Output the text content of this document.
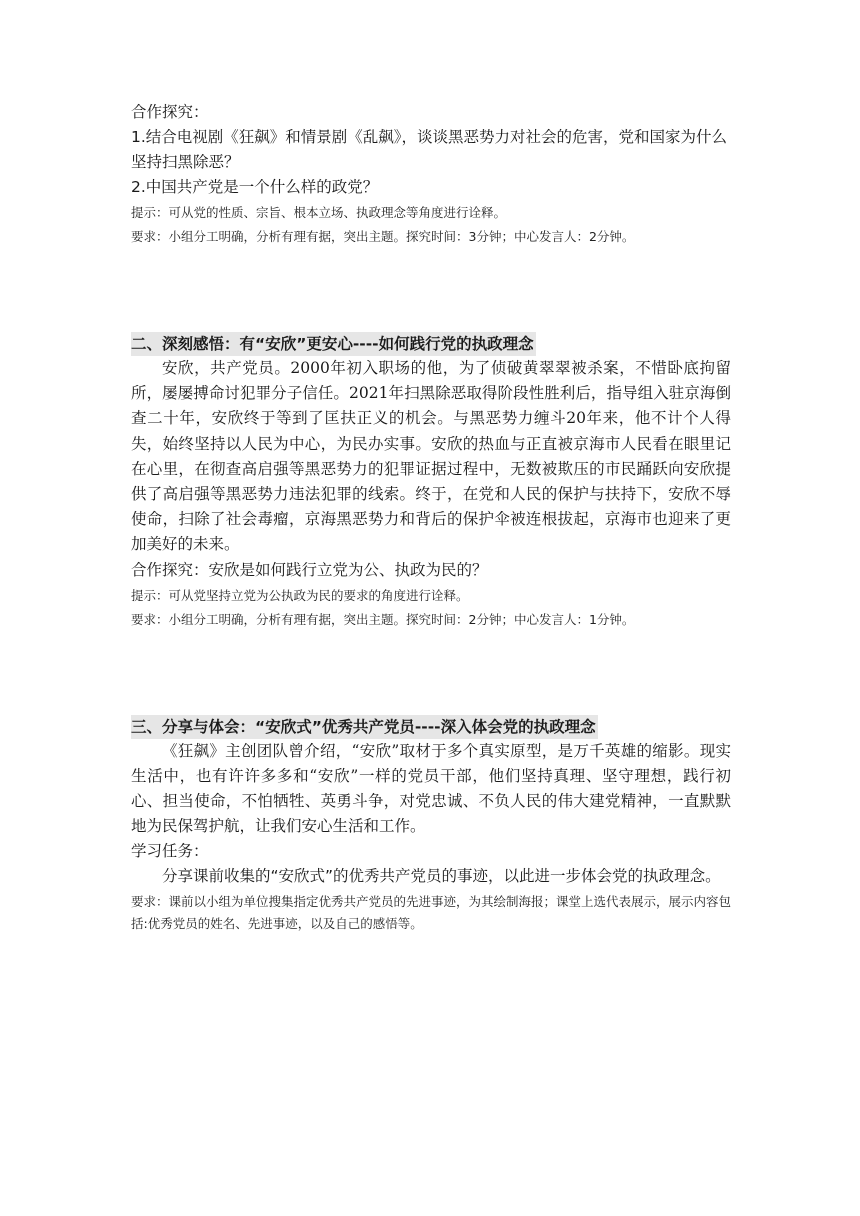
合作探究：

1.结合电视剧《狂飙》和情景剧《乱飙》，谈谈黑恶势力对社会的危害，党和国家为什么坚持扫黑除恶？

2.中国共产党是一个什么样的政党？

提示：可从党的性质、宗旨、根本立场、执政理念等角度进行诠释。

要求：小组分工明确，分析有理有据，突出主题。探究时间：3分钟；中心发言人：2分钟。

二、深刻感悟：有“安欣”更安心----如何践行党的执政理念

安欣，共产党员。2000年初入职场的他，为了侦破黄翠翠被杀案，不惜卧底拘留所，屡屡搏命讨犯罪分子信任。2021年扫黑除恶取得阶段性胜利后，指导组入驻京海倒查二十年，安欣终于等到了匡扶正义的机会。与黑恶势力缠斗20年来，他不计个人得失，始终坚持以人民为中心，为民办实事。安欣的热血与正直被京海市人民看在眼里记在心里，在彻查高启强等黑恶势力的犯罪证据过程中，无数被欺压的市民踊跃向安欣提供了高启强等黑恶势力违法犯罪的线索。终于，在党和人民的保护与扶持下，安欣不辱使命，扫除了社会毒瘤，京海黑恶势力和背后的保护伞被连根拔起，京海市也迎来了更加美好的未来。

合作探究：安欣是如何践行立党为公、执政为民的？

提示：可从党坚持立党为公执政为民的要求的角度进行诠释。

要求：小组分工明确，分析有理有据，突出主题。探究时间：2分钟；中心发言人：1分钟。

三、分享与体会：“安欣式”优秀共产党员----深入体会党的执政理念

《狂飙》主创团队曾介绍，“安欣”取材于多个真实原型，是万千英雄的缩影。现实生活中，也有许许多多和“安欣”一样的党员干部，他们坚持真理、坚守理想，践行初心、担当使命，不怕牺牲、英勇斗争，对党忠诚、不负人民的伟大建党精神，一直默默地为民保驾护航，让我们安心生活和工作。

学习任务：

分享课前收集的“安欣式”的优秀共产党员的事迹，以此进一步体会党的执政理念。

要求：课前以小组为单位搜集指定优秀共产党员的先进事迹，为其绘制海报；课堂上选代表展示，展示内容包括:优秀党员的姓名、先进事迹，以及自己的感悟等。
